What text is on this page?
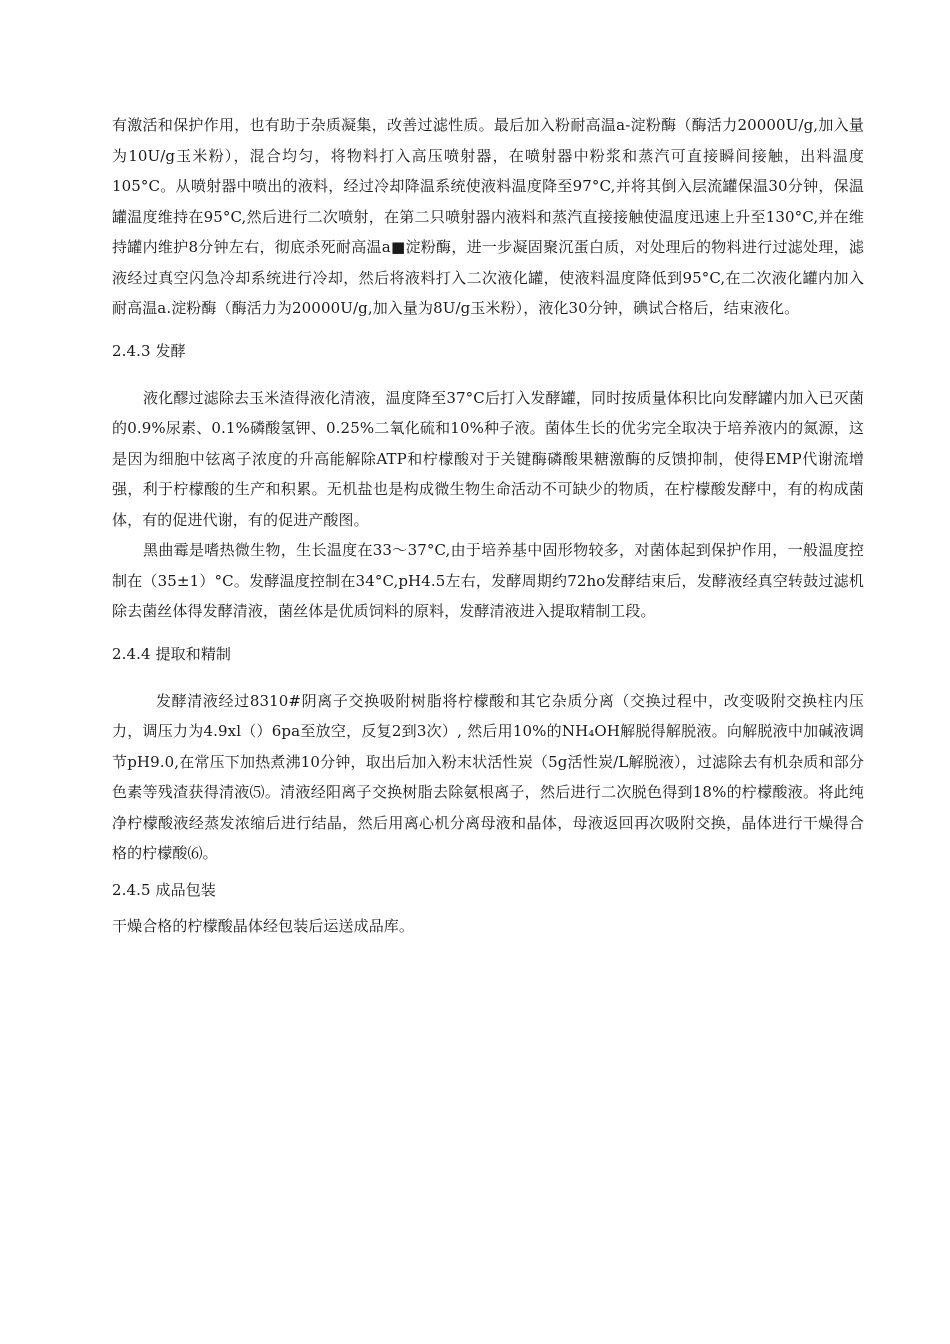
有激活和保护作用，也有助于杂质凝集，改善过滤性质。最后加入粉耐高温a-淀粉酶（酶活力20000U/g,加入量为10U/g玉米粉），混合均匀，将物料打入高压喷射器，在喷射器中粉浆和蒸汽可直接瞬间接触，出料温度105°C。从喷射器中喷出的液料，经过冷却降温系统使液料温度降至97°C,并将其倒入层流罐保温30分钟，保温罐温度维持在95°C,然后进行二次喷射，在第二只喷射器内液料和蒸汽直接接触使温度迅速上升至130°C,并在维持罐内维护8分钟左右，彻底杀死耐高温a■淀粉酶，进一步凝固聚沉蛋白质，对处理后的物料进行过滤处理，滤液经过真空闪急冷却系统进行冷却，然后将液料打入二次液化罐，使液料温度降低到95°C,在二次液化罐内加入耐高温a.淀粉酶（酶活力为20000U/g,加入量为8U/g玉米粉），液化30分钟，碘试合格后，结束液化。

2.4.3 发酵

液化醪过滤除去玉米渣得液化清液，温度降至37°C后打入发酵罐，同时按质量体积比向发酵罐内加入已灭菌的0.9%尿素、0.1%磷酸氢钾、0.25%二氧化硫和10%种子液。菌体生长的优劣完全取决于培养液内的氮源，这是因为细胞中铉离子浓度的升高能解除ATP和柠檬酸对于关键酶磷酸果糖激酶的反馈抑制，使得EMP代谢流增强，利于柠檬酸的生产和积累。无机盐也是构成微生物生命活动不可缺少的物质，在柠檬酸发酵中，有的构成菌体，有的促进代谢，有的促进产酸图。

黑曲霉是嗜热微生物，生长温度在33～37°C,由于培养基中固形物较多，对菌体起到保护作用，一般温度控制在（35±1）°C。发酵温度控制在34°C,pH4.5左右，发酵周期约72ho发酵结束后，发酵液经真空转鼓过滤机除去菌丝体得发酵清液，菌丝体是优质饲料的原料，发酵清液进入提取精制工段。

2.4.4 提取和精制

发酵清液经过8310#阴离子交换吸附树脂将柠檬酸和其它杂质分离（交换过程中，改变吸附交换柱内压力，调压力为4.9xl（）6pa至放空，反复2到3次）, 然后用10%的NH₄OH解脱得解脱液。向解脱液中加碱液调节pH9.0,在常压下加热煮沸10分钟，取出后加入粉末状活性炭（5g活性炭/L解脱液），过滤除去有机杂质和部分色素等残渣获得清液⑸。清液经阳离子交换树脂去除氨根离子，然后进行二次脱色得到18%的柠檬酸液。将此纯净柠檬酸液经蒸发浓缩后进行结晶，然后用离心机分离母液和晶体，母液返回再次吸附交换，晶体进行干燥得合格的柠檬酸⑹。

2.4.5 成品包装

干燥合格的柠檬酸晶体经包装后运送成品库。
